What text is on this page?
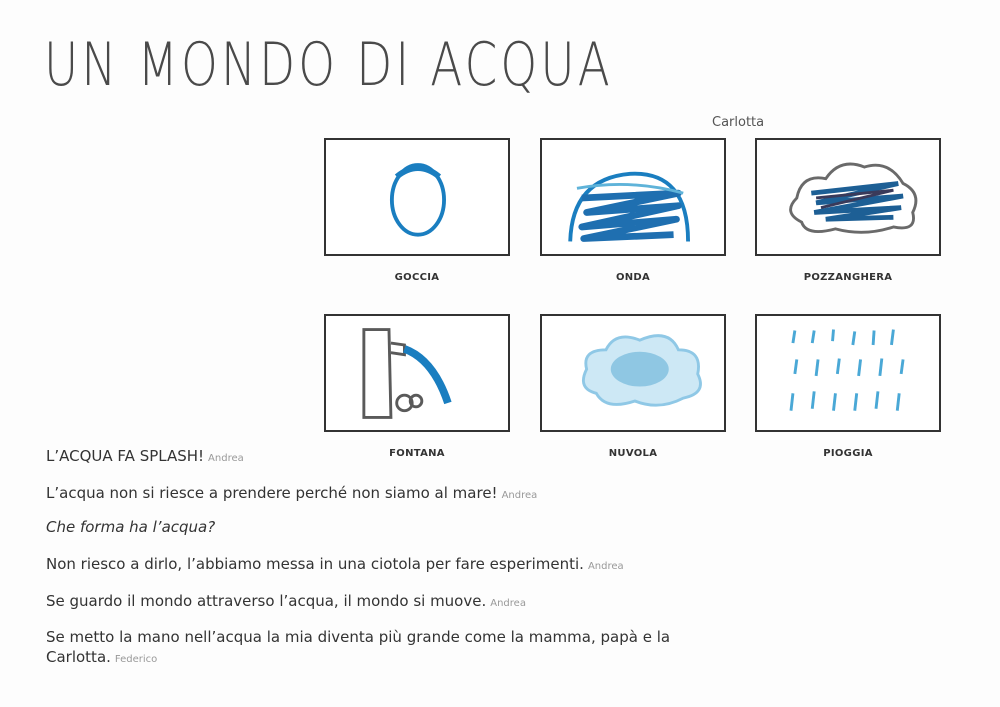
UN MONDO DI ACQUA
Carlotta
GOCCIA	ONDA	POZZANGHERA
FONTANA	NUVOLA	PIOGGIA
L’ACQUA FA SPLASH! Andrea
L’acqua non si riesce a prendere perché non siamo al mare! Andrea
Che forma ha l’acqua?
Non riesco a dirlo, l’abbiamo messa in una ciotola per fare esperimenti. Andrea
Se guardo il mondo attraverso l’acqua, il mondo si muove. Andrea
Se metto la mano nell’acqua la mia diventa più grande come la mamma, papà e la Carlotta. Federico
